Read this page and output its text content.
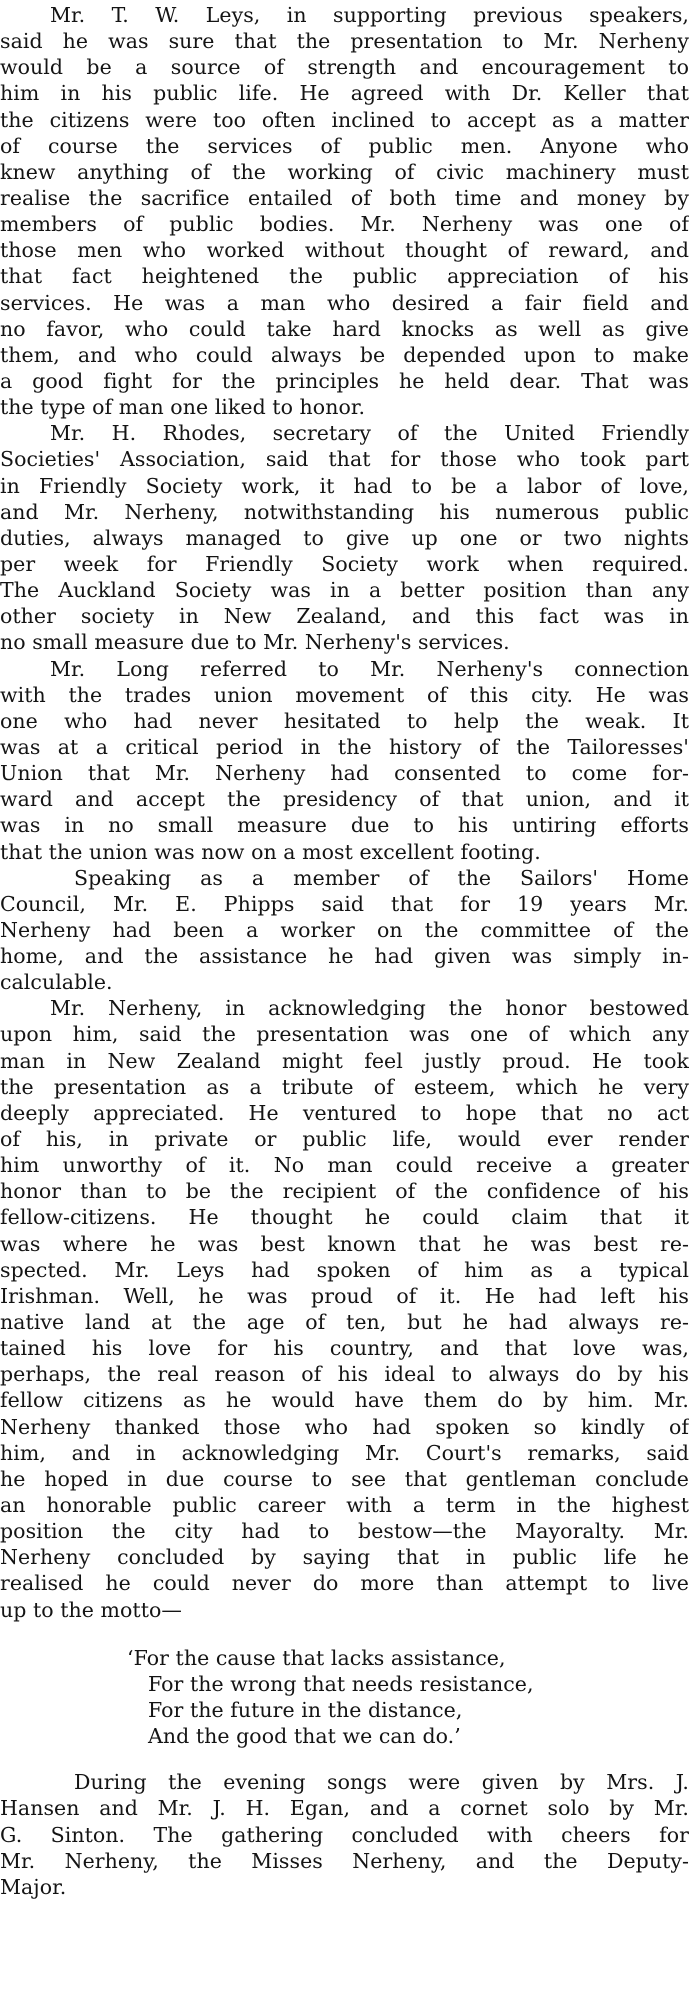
Mr. T. W. Leys, in supporting previous speakers,
said he was sure that the presentation to Mr. Nerheny
would be a source of strength and encouragement to
him in his public life. He agreed with Dr. Keller that
the citizens were too often inclined to accept as a matter
of course the services of public men. Anyone who
knew anything of the working of civic machinery must
realise the sacrifice entailed of both time and money by
members of public bodies. Mr. Nerheny was one of
those men who worked without thought of reward, and
that fact heightened the public appreciation of his
services. He was a man who desired a fair field and
no favor, who could take hard knocks as well as give
them, and who could always be depended upon to make
a good fight for the principles he held dear. That was
the type of man one liked to honor.
Mr. H. Rhodes, secretary of the United Friendly
Societies' Association, said that for those who took part
in Friendly Society work, it had to be a labor of love,
and Mr. Nerheny, notwithstanding his numerous public
duties, always managed to give up one or two nights
per week for Friendly Society work when required.
The Auckland Society was in a better position than any
other society in New Zealand, and this fact was in
no small measure due to Mr. Nerheny's services.
Mr. Long referred to Mr. Nerheny's connection
with the trades union movement of this city. He was
one who had never hesitated to help the weak. It
was at a critical period in the history of the Tailoresses'
Union that Mr. Nerheny had consented to come for-
ward and accept the presidency of that union, and it
was in no small measure due to his untiring efforts
that the union was now on a most excellent footing.
Speaking as a member of the Sailors' Home
Council, Mr. E. Phipps said that for 19 years Mr.
Nerheny had been a worker on the committee of the
home, and the assistance he had given was simply in-
calculable.
Mr. Nerheny, in acknowledging the honor bestowed
upon him, said the presentation was one of which any
man in New Zealand might feel justly proud. He took
the presentation as a tribute of esteem, which he very
deeply appreciated. He ventured to hope that no act
of his, in private or public life, would ever render
him unworthy of it. No man could receive a greater
honor than to be the recipient of the confidence of his
fellow-citizens. He thought he could claim that it
was where he was best known that he was best re-
spected. Mr. Leys had spoken of him as a typical
Irishman. Well, he was proud of it. He had left his
native land at the age of ten, but he had always re-
tained his love for his country, and that love was,
perhaps, the real reason of his ideal to always do by his
fellow citizens as he would have them do by him. Mr.
Nerheny thanked those who had spoken so kindly of
him, and in acknowledging Mr. Court's remarks, said
he hoped in due course to see that gentleman conclude
an honorable public career with a term in the highest
position the city had to bestow—the Mayoralty. Mr.
Nerheny concluded by saying that in public life he
realised he could never do more than attempt to live
up to the motto—
‘For the cause that lacks assistance,
For the wrong that needs resistance,
For the future in the distance,
And the good that we can do.’
During the evening songs were given by Mrs. J.
Hansen and Mr. J. H. Egan, and a cornet solo by Mr.
G. Sinton. The gathering concluded with cheers for
Mr. Nerheny, the Misses Nerheny, and the Deputy-
Major.
